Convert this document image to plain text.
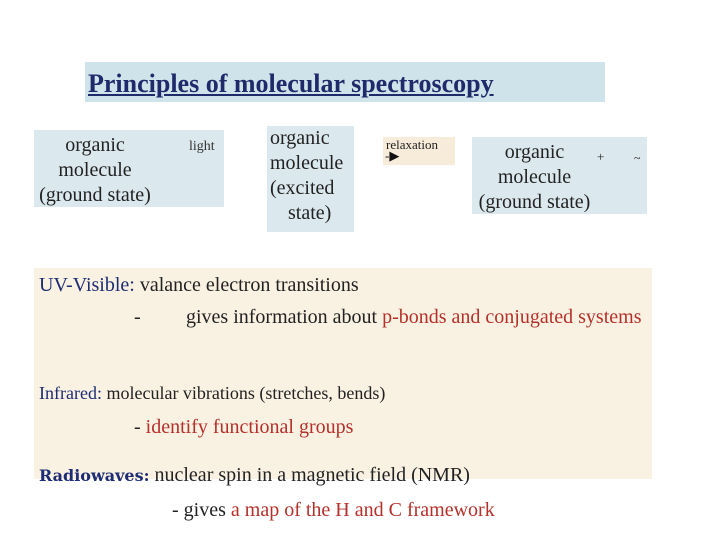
Principles of molecular spectroscopy
organic
molecule
(ground state)
light	organic
molecule
(excited
state)
relaxation
-▶	organic
molecule
(ground state)
+ ~
UV-Visible: valance electron transitions
- gives information about p-bonds and conjugated systems
Infrared: molecular vibrations (stretches, bends)
- identify functional groups
Radiowaves: nuclear spin in a magnetic field (NMR)
- gives a map of the H and C framework
